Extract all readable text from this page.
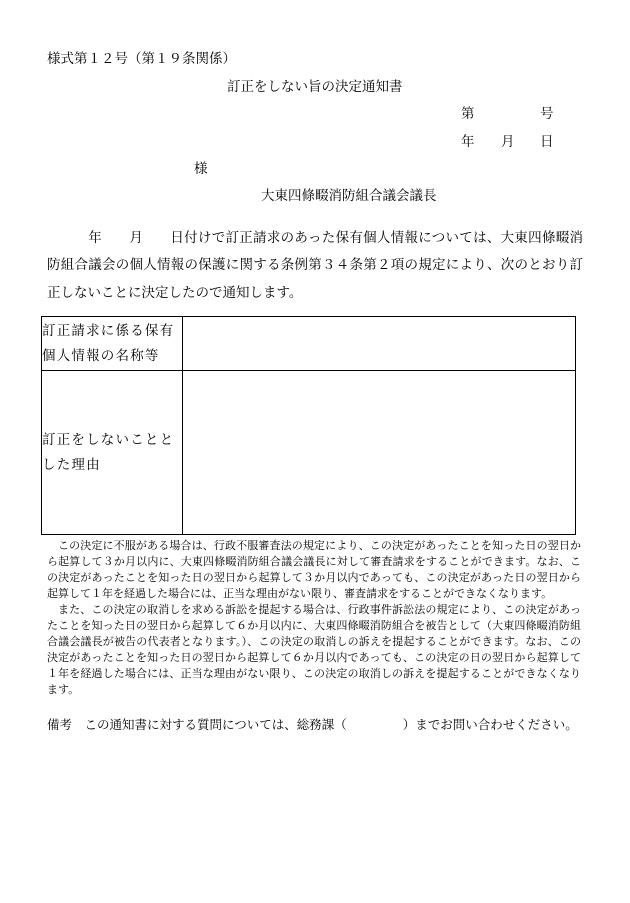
様式第１２号（第１９条関係）
訂正をしない旨の決定通知書
第	号
年 月 日
様
大東四條畷消防組合議会議長
年 月 日付けで訂正請求のあった保有個人情報については、大東四條畷消防組合議会の個人情報の保護に関する条例第３４条第２項の規定により、次のとおり訂正しないことに決定したので通知します。
訂正請求に係る保有
個人情報の名称等	

訂正をしないことと
した理由	

この決定に不服がある場合は、行政不服審査法の規定により、この決定があったことを知った日の翌日から起算して３か月以内に、大東四條畷消防組合議会議長に対して審査請求をすることができます。なお、この決定があったことを知った日の翌日から起算して３か月以内であっても、この決定があった日の翌日から起算して１年を経過した場合には、正当な理由がない限り、審査請求をすることができなくなります。

また、この決定の取消しを求める訴訟を提起する場合は、行政事件訴訟法の規定により、この決定があったことを知った日の翌日から起算して６か月以内に、大東四條畷消防組合を被告として（大東四條畷消防組合議会議長が被告の代表者となります。）、この決定の取消しの訴えを提起することができます。なお、この決定があったことを知った日の翌日から起算して６か月以内であっても、この決定の日の翌日から起算して１年を経過した場合には、正当な理由がない限り、この決定の取消しの訴えを提起することができなくなります。

備考　 この通知書に対する質問については、総務課（	）までお問い合わせください。
